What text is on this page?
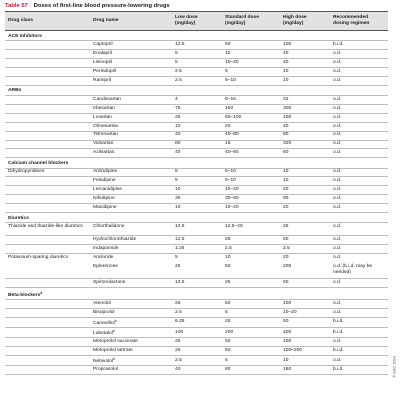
Table 57 Doses of first-line blood pressure-lowering drugs
Drug class	Drug name	Low dose (mg/day)	Standard dose (mg/day)	High dose (mg/day)	Recommended dosing regimen
ACE inhibitors					
	Captopril	12.5	50	100	b.i.d.
	Enalapril	5	10	40	o.d.
	Lisinopril	5	10–20	40	o.d.
	Perindopril	2.5	5	10	o.d.
	Ramipril	2.5	5–10	10	o.d.
ARBs					
	Candesartan	4	8–16	32	o.d.
	Irbesartan	75	150	300	o.d.
	Losartan	25	50–100	100	o.d.
	Olmesartan	10	20	40	o.d.
	Telmisartan	40	40–80	80	o.d.
	Valsartan	80	16	320	o.d.
	Azilsartan	40	40–80	80	o.d.
Calcium channel blockers					
Dihydropyridines	Amlodipine	5	5–10	10	o.d.
	Felodipine	5	5–10	10	o.d.
	Lercanidipine	10	10–20	20	o.d.
	Nifedipine	30	30–60	90	o.d.
	Manidipine	10	10–20	20	o.d.
Diuretics					
Thiazide and thiazide-like diuretics	Chlorthalidone	12.5	12.5–25	25	o.d.
	Hydrochlorothiazide	12.5	25	50	o.d.
	Indapamide	1.25	2.5	2.5	o.d.
Potassium-sparing diuretics	Amiloride	5	10	20	o.d.
	Eplerenone	25	50	200	o.d. (b.i.d. may be needed)
	Spironolactone	12.5	25	50	o.d.
Beta-blockers$^a$					
	Atenolol	25	50	100	o.d.
	Bisoprolol	2.5	5	10–20	o.d.
	Carvedilol$^b$	6.25	25	50	b.i.d.
	Labetalol$^b$	100	200	400	b.i.d.
	Metoprolol succinate	25	50	100	o.d.
	Metoprolol tartrate	25	50	100–200	b.i.d.
	Nebivolol$^b$	2.5	5	10	o.d.
	Propranolol	40	80	160	b.i.d.	© ESC 2024
